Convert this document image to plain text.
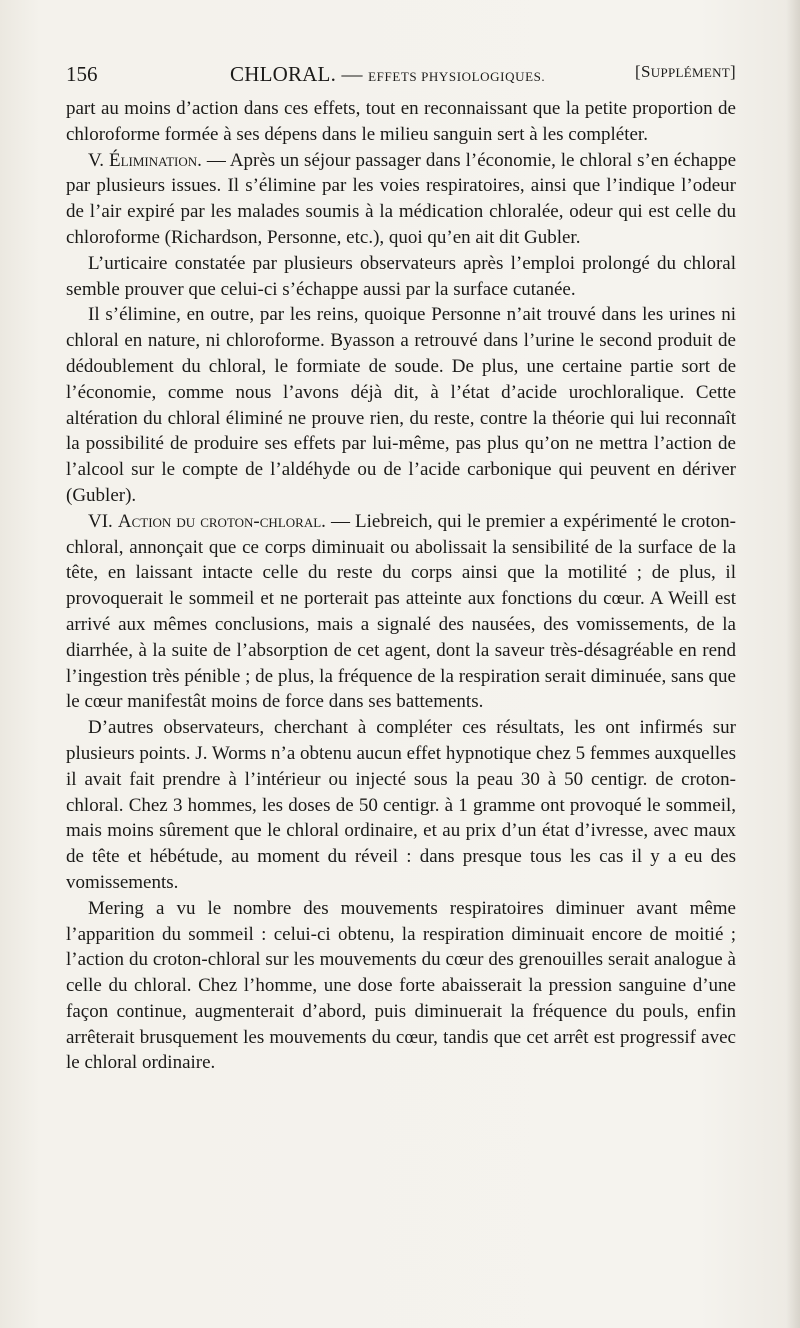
156	CHLORAL. — EFFETS PHYSIOLOGIQUES.	[SUPPLÉMENT]

part au moins d’action dans ces effets, tout en reconnaissant que la petite proportion de chloroforme formée à ses dépens dans le milieu sanguin sert à les compléter.

V. Élimination. — Après un séjour passager dans l’économie, le chloral s’en échappe par plusieurs issues. Il s’élimine par les voies respiratoires, ainsi que l’indique l’odeur de l’air expiré par les malades soumis à la médication chloralée, odeur qui est celle du chloroforme (Richardson, Personne, etc.), quoi qu’en ait dit Gubler.

L’urticaire constatée par plusieurs observateurs après l’emploi prolongé du chloral semble prouver que celui-ci s’échappe aussi par la surface cutanée.

Il s’élimine, en outre, par les reins, quoique Personne n’ait trouvé dans les urines ni chloral en nature, ni chloroforme. Byasson a retrouvé dans l’urine le second produit de dédoublement du chloral, le formiate de soude. De plus, une certaine partie sort de l’économie, comme nous l’avons déjà dit, à l’état d’acide urochloralique. Cette altération du chloral éliminé ne prouve rien, du reste, contre la théorie qui lui reconnaît la possibilité de produire ses effets par lui-même, pas plus qu’on ne mettra l’action de l’alcool sur le compte de l’aldéhyde ou de l’acide carbonique qui peuvent en dériver (Gubler).

VI. Action du croton-chloral. — Liebreich, qui le premier a expérimenté le croton-chloral, annonçait que ce corps diminuait ou abolissait la sensibilité de la surface de la tête, en laissant intacte celle du reste du corps ainsi que la motilité ; de plus, il provoquerait le sommeil et ne porterait pas atteinte aux fonctions du cœur. A Weill est arrivé aux mêmes conclusions, mais a signalé des nausées, des vomissements, de la diarrhée, à la suite de l’absorption de cet agent, dont la saveur très-désagréable en rend l’ingestion très pénible ; de plus, la fréquence de la respiration serait diminuée, sans que le cœur manifestât moins de force dans ses battements.

D’autres observateurs, cherchant à compléter ces résultats, les ont infirmés sur plusieurs points. J. Worms n’a obtenu aucun effet hypnotique chez 5 femmes auxquelles il avait fait prendre à l’intérieur ou injecté sous la peau 30 à 50 centigr. de croton-chloral. Chez 3 hommes, les doses de 50 centigr. à 1 gramme ont provoqué le sommeil, mais moins sûrement que le chloral ordinaire, et au prix d’un état d’ivresse, avec maux de tête et hébétude, au moment du réveil : dans presque tous les cas il y a eu des vomissements.

Mering a vu le nombre des mouvements respiratoires diminuer avant même l’apparition du sommeil : celui-ci obtenu, la respiration diminuait encore de moitié ; l’action du croton-chloral sur les mouvements du cœur des grenouilles serait analogue à celle du chloral. Chez l’homme, une dose forte abaisserait la pression sanguine d’une façon continue, augmenterait d’abord, puis diminuerait la fréquence du pouls, enfin arrêterait brusquement les mouvements du cœur, tandis que cet arrêt est progressif avec le chloral ordinaire.
